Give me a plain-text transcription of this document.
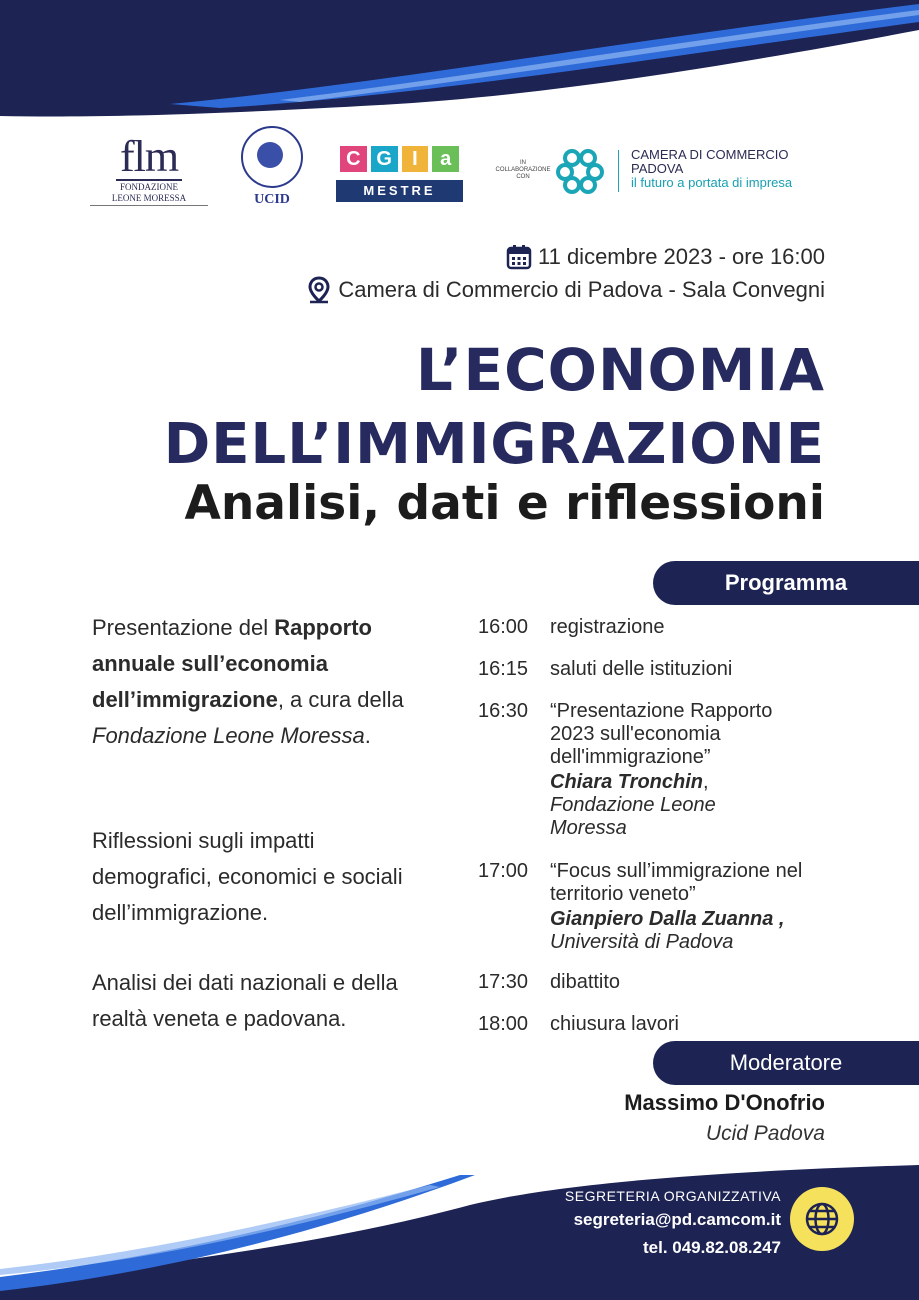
flm
FONDAZIONE
LEONE MORESSA
	UCID
C G	I	a
MESTRE
IN COLLABORAZIONE CON
CAMERA DI COMMERCIO
PADOVA
il futuro a portata di impresa
11 dicembre 2023 - ore 16:00
Camera di Commercio di Padova - Sala Convegni
L’ECONOMIA
DELL’IMMIGRAZIONE
Analisi, dati e riflessioni
Programma
Presentazione del Rapporto annuale sull’economia dell’immigrazione, a cura della Fondazione Leone Moressa.
Riflessioni sugli impatti demografici, economici e sociali dell’immigrazione.
Analisi dei dati nazionali e della realtà veneta e padovana.
16:00	registrazione
16:15	saluti delle istituzioni
16:30	“Presentazione Rapporto 2023 sull'economia dell'immigrazione”
Chiara Tronchin,
Fondazione Leone Moressa
17:00	“Focus sull’immigrazione nel territorio veneto”
Gianpiero Dalla Zuanna ,
Università di Padova
17:30	dibattito
18:00	chiusura lavori
Moderatore
Massimo D'Onofrio
Ucid Padova
SEGRETERIA ORGANIZZATIVA
segreteria@pd.camcom.it
tel. 049.82.08.247
